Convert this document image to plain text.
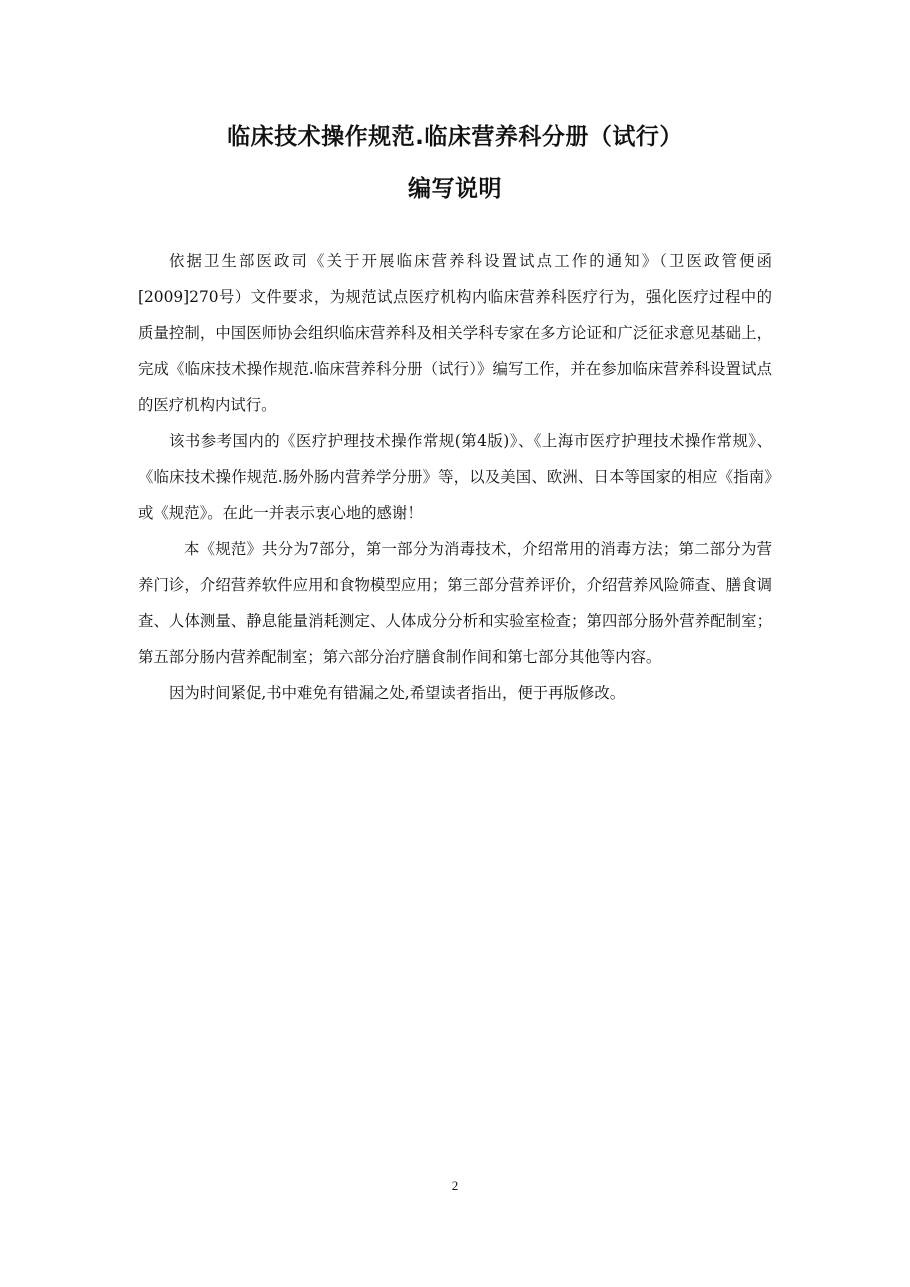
临床技术操作规范.临床营养科分册（试行）
编写说明

依据卫生部医政司《关于开展临床营养科设置试点工作的通知》（卫医政管便函[2009]270号）文件要求，为规范试点医疗机构内临床营养科医疗行为，强化医疗过程中的质量控制，中国医师协会组织临床营养科及相关学科专家在多方论证和广泛征求意见基础上，完成《临床技术操作规范.临床营养科分册（试行）》编写工作，并在参加临床营养科设置试点的医疗机构内试行。

该书参考国内的《医疗护理技术操作常规(第4版)》、《上海市医疗护理技术操作常规》、《临床技术操作规范.肠外肠内营养学分册》等，以及美国、欧洲、日本等国家的相应《指南》或《规范》。在此一并表示衷心地的感谢！

本《规范》共分为7部分，第一部分为消毒技术，介绍常用的消毒方法；第二部分为营养门诊，介绍营养软件应用和食物模型应用；第三部分营养评价，介绍营养风险筛查、膳食调查、人体测量、静息能量消耗测定、人体成分分析和实验室检查；第四部分肠外营养配制室；第五部分肠内营养配制室；第六部分治疗膳食制作间和第七部分其他等内容。

因为时间紧促,书中难免有错漏之处,希望读者指出，便于再版修改。

2
